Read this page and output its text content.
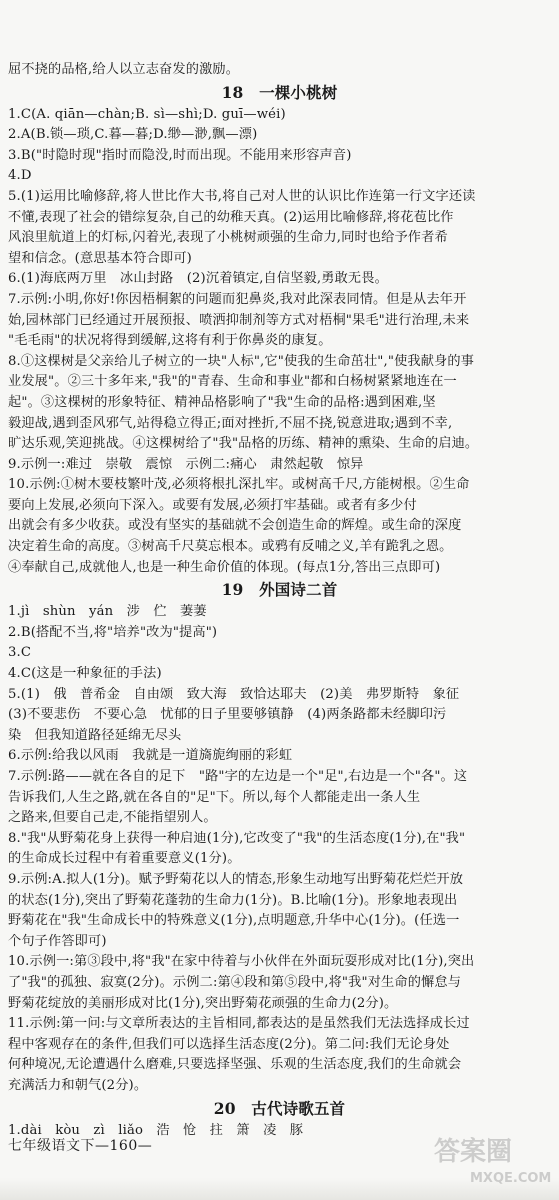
屈不挠的品格,给人以立志奋发的激励。
18　一棵小桃树
1.C(A. qiān—chàn;B. sì—shì;D. guī—wéi)
2.A(B.锁—琐,C.暮—暮;D.缈—渺,飘—漂)
3.B("时隐时现"指时而隐没,时而出现。不能用来形容声音)
4.D
5.(1)运用比喻修辞,将人世比作大书,将自己对人世的认识比作连第一行文字还读
不懂,表现了社会的错综复杂,自己的幼稚天真。(2)运用比喻修辞,将花苞比作
风浪里航道上的灯标,闪着光,表现了小桃树顽强的生命力,同时也给予作者希
望和信念。(意思基本符合即可)
6.(1)海底两万里　冰山封路　(2)沉着镇定,自信坚毅,勇敢无畏。
7.示例:小明,你好!你因梧桐絮的问题而犯鼻炎,我对此深表同情。但是从去年开
始,园林部门已经通过开展预报、喷洒抑制剂等方式对梧桐"果毛"进行治理,未来
"毛毛雨"的状况将得到缓解,这将有利于你鼻炎的康复。
8.①这棵树是父亲给儿子树立的一块"人标",它"使我的生命茁壮","使我献身的事
业发展"。②三十多年来,"我"的"青春、生命和事业"都和白杨树紧紧地连在一
起"。③这棵树的形象特征、精神品格影响了"我"生命的品格:遇到困难,坚
毅迎战,遇到歪风邪气,站得稳立得正;面对挫折,不屈不挠,锐意进取;遇到不幸,
旷达乐观,笑迎挑战。④这棵树给了"我"品格的历练、精神的熏染、生命的启迪。
9.示例一:难过　崇敬　震惊　示例二:痛心　肃然起敬　惊异
10.示例:①树木要枝繁叶茂,必须将根扎深扎牢。或树高千尺,方能树根。②生命
要向上发展,必须向下深入。或要有发展,必须打牢基础。或者有多少付
出就会有多少收获。或没有坚实的基础就不会创造生命的辉煌。或生命的深度
决定着生命的高度。③树高千尺莫忘根本。或鸦有反哺之义,羊有跪乳之恩。
④奉献自己,成就他人,也是一种生命价值的体现。(每点1分,答出三点即可)
19　外国诗二首
1.jì　shùn　yán　涉　伫　萋萋
2.B(搭配不当,将"培养"改为"提高")
3.C
4.C(这是一种象征的手法)
5.(1)　俄　普希金　自由颂　致大海　致恰达耶夫　(2)美　弗罗斯特　象征
(3)不要悲伤　不要心急　忧郁的日子里要够镇静　(4)两条路都未经脚印污
染　但我知道路径延绵无尽头
6.示例:给我以风雨　我就是一道旖旎绚丽的彩虹
7.示例:路——就在各自的足下　"路"字的左边是一个"足",右边是一个"各"。这
告诉我们,人生之路,就在各自的"足"下。所以,每个人都能走出一条人生
之路来,但要自己走,不能指望别人。
8."我"从野菊花身上获得一种启迪(1分),它改变了"我"的生活态度(1分),在"我"
的生命成长过程中有着重要意义(1分)。
9.示例:A.拟人(1分)。赋予野菊花以人的情态,形象生动地写出野菊花烂烂开放
的状态(1分),突出了野菊花蓬勃的生命力(1分)。B.比喻(1分)。形象地表现出
野菊花在"我"生命成长中的特殊意义(1分),点明题意,升华中心(1分)。(任选一
个句子作答即可)
10.示例一:第③段中,将"我"在家中待着与小伙伴在外面玩耍形成对比(1分),突出
了"我"的孤独、寂寞(2分)。示例二:第④段和第⑤段中,将"我"对生命的懈怠与
野菊花绽放的美丽形成对比(1分),突出野菊花顽强的生命力(2分)。
11.示例:第一问:与文章所表达的主旨相同,都表达的是虽然我们无法选择成长过
程中客观存在的条件,但我们可以选择生活态度(2分)。第二问:我们无论身处
何种境况,无论遭遇什么磨难,只要选择坚强、乐观的生活态度,我们的生命就会
充满活力和朝气(2分)。
20　古代诗歌五首
1.dài　kòu　zì　liǎo　浩　怆　拄　箫　凌　豚
七年级语文下—160—	答案圈
MXQE.COM
